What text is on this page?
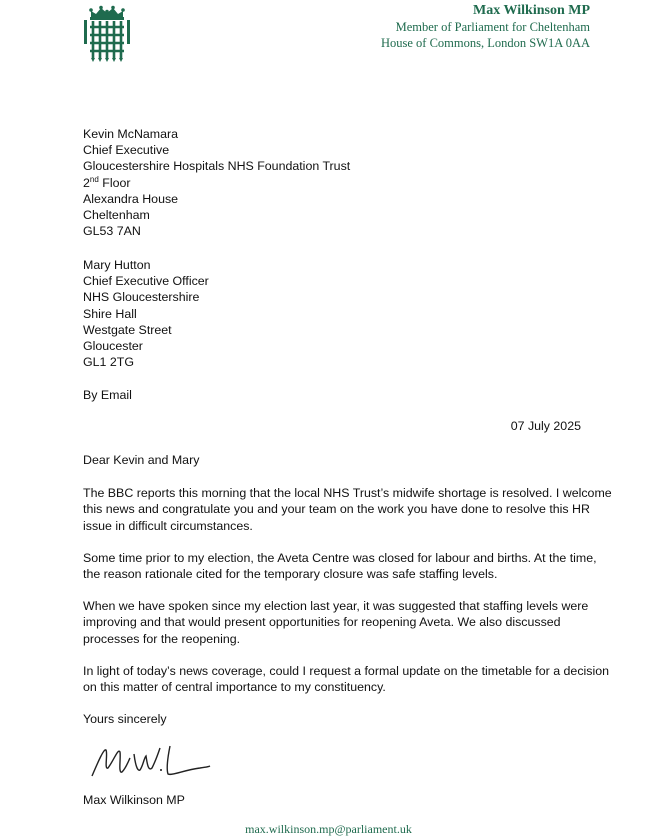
Max Wilkinson MP
Member of Parliament for Cheltenham
House of Commons, London SW1A 0AA
Kevin McNamara
Chief Executive
Gloucestershire Hospitals NHS Foundation Trust
2nd Floor
Alexandra House
Cheltenham
GL53 7AN
Mary Hutton
Chief Executive Officer
NHS Gloucestershire
Shire Hall
Westgate Street
Gloucester
GL1 2TG
By Email
07 July 2025
Dear Kevin and Mary

The BBC reports this morning that the local NHS Trust’s midwife shortage is resolved. I welcome this news and congratulate you and your team on the work you have done to resolve this HR issue in difficult circumstances.

Some time prior to my election, the Aveta Centre was closed for labour and births. At the time, the reason rationale cited for the temporary closure was safe staffing levels.

When we have spoken since my election last year, it was suggested that staffing levels were improving and that would present opportunities for reopening Aveta. We also discussed processes for the reopening.

In light of today’s news coverage, could I request a formal update on the timetable for a decision on this matter of central importance to my constituency.

Yours sincerely
Max Wilkinson MP
max.wilkinson.mp@parliament.uk
